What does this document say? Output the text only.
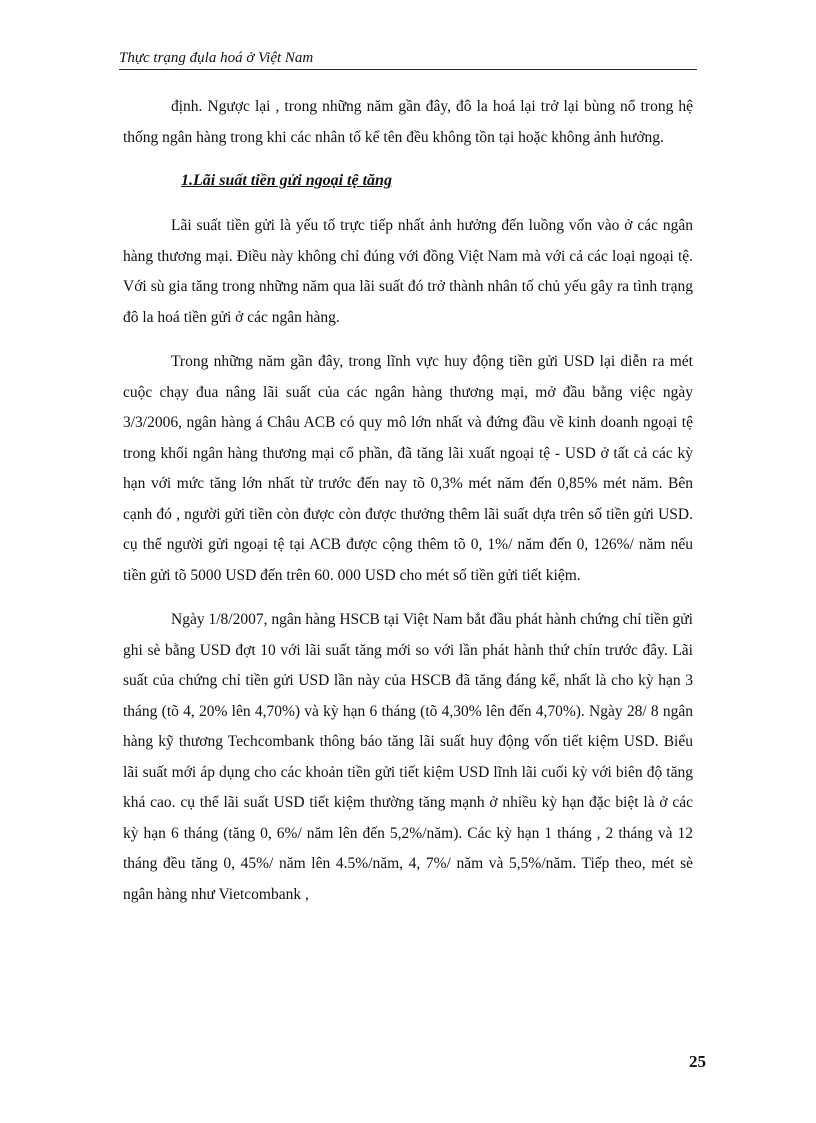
Thực trạng đụla hoá ở Việt Nam

định. Ngược lại , trong những năm gần đây, đô la hoá lại trở lại bùng nổ trong hệ thống ngân hàng trong khi các nhân tố kể tên đều không tồn tại hoặc không ảnh hưởng.

1.Lãi suất tiền gửi ngoại tệ tăng

Lãi suất tiền gửi là yếu tố trực tiếp nhất ảnh hưởng đến luồng vốn vào ở các ngân hàng thương mại. Điều này không chỉ đúng với đồng Việt Nam mà với cả các loại ngoại tệ. Với sù gia tăng trong những năm qua lãi suất đó trở thành nhân tố chủ yếu gây ra tình trạng đô la hoá tiền gửi ở các ngân hàng.

Trong những năm gần đây, trong lĩnh vực huy động tiền gửi USD lại diễn ra mét cuộc chạy đua nâng lãi suất của các ngân hàng thương mại, mở đầu bằng việc ngày 3/3/2006, ngân hàng á Châu ACB có quy mô lớn nhất và đứng đầu về kinh doanh ngoại tệ trong khối ngân hàng thương mại cổ phần, đã tăng lãi xuất ngoại tệ - USD ở tất cả các kỳ hạn với mức tăng lớn nhất từ trước đến nay tõ 0,3% mét năm đến 0,85% mét năm. Bên cạnh đó , người gửi tiền còn được còn được thưởng thêm lãi suất dựa trên số tiền gửi USD. cụ thể người gửi ngoại tệ tại ACB được cộng thêm tõ 0, 1%/ năm đến 0, 126%/ năm nếu tiền gửi tõ 5000 USD đến trên 60. 000 USD cho mét số tiền gửi tiết kiệm.

Ngày 1/8/2007, ngân hàng HSCB tại Việt Nam bắt đầu phát hành chứng chỉ tiền gửi ghi sè bằng USD đợt 10 với lãi suất tăng mới so với lần phát hành thứ chín trước đây. Lãi suất của chứng chỉ tiền gửi USD lần này của HSCB đã tăng đáng kể, nhất là cho kỳ hạn 3 tháng (tõ 4, 20% lên 4,70%) và kỳ hạn 6 tháng (tõ 4,30% lên đến 4,70%). Ngày 28/ 8 ngân hàng kỹ thương Techcombank thông báo tăng lãi suất huy động vốn tiết kiệm USD. Biểu lãi suất mới áp dụng cho các khoản tiền gửi tiết kiệm USD lĩnh lãi cuối kỳ với biên độ tăng khá cao. cụ thể lãi suất USD tiết kiệm thường tăng mạnh ở nhiều kỳ hạn đặc biệt là ở các kỳ hạn 6 tháng (tăng 0, 6%/ năm lên đến 5,2%/năm). Các kỳ hạn 1 tháng , 2 tháng và 12 tháng đều tăng 0, 45%/ năm lên 4.5%/năm, 4, 7%/ năm và 5,5%/năm. Tiếp theo, mét sè ngân hàng như Vietcombank ,

25
